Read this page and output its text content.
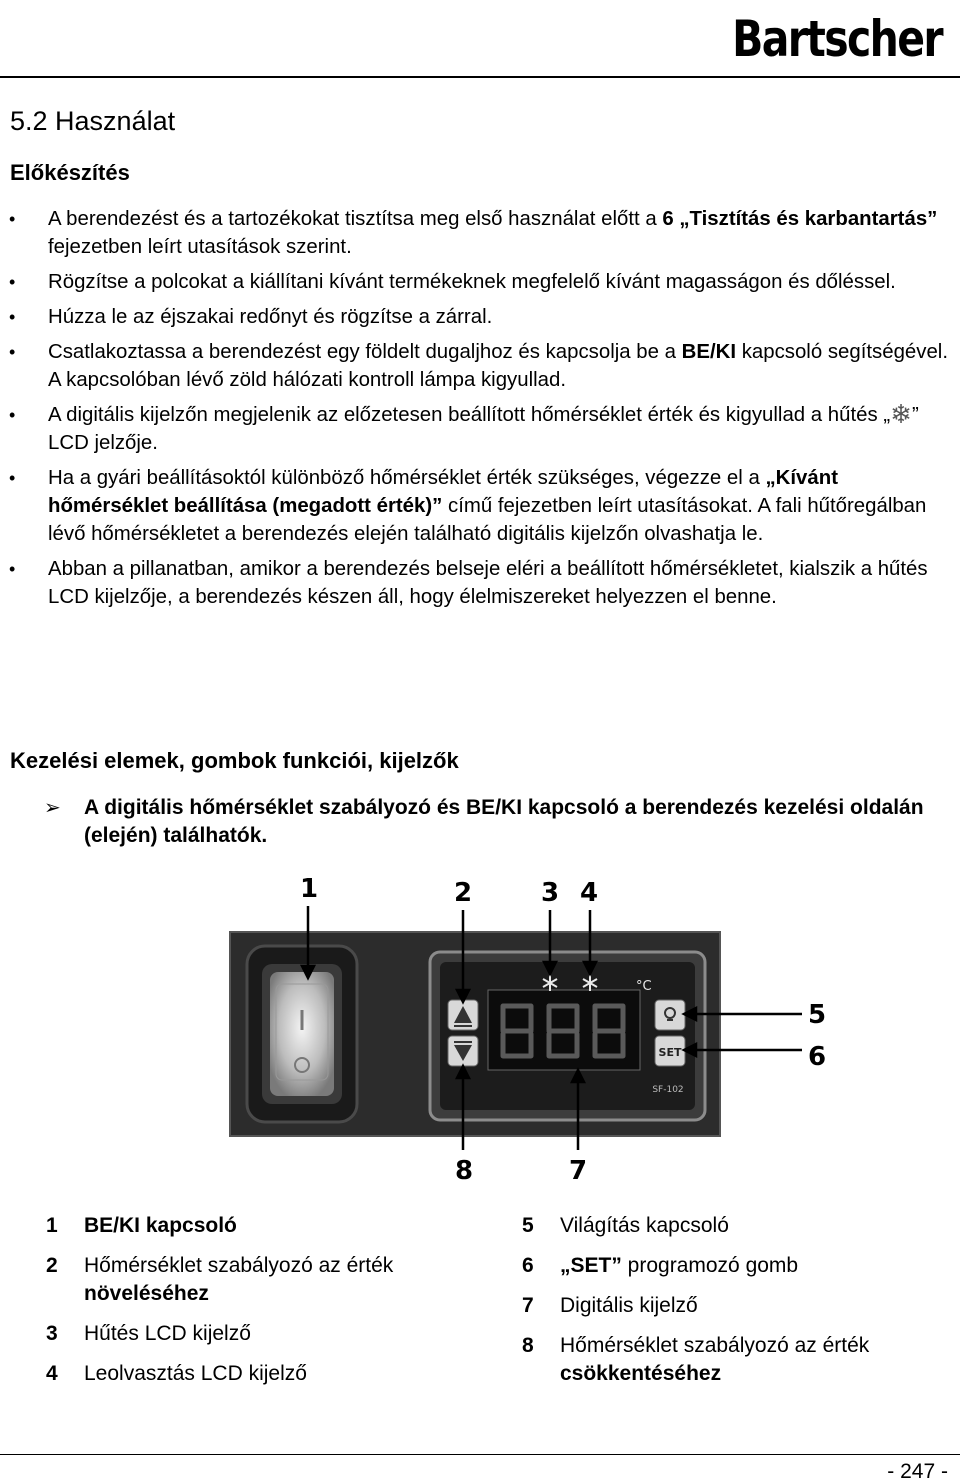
Bartscher
5.2 Használat
Előkészítés
• A berendezést és a tartozékokat tisztítsa meg első használat előtt a 6 „Tisztítás és karbantartás” fejezetben leírt utasítások szerint.
• Rögzítse a polcokat a kiállítani kívánt termékeknek megfelelő kívánt magasságon és dőléssel.
• Húzza le az éjszakai redőnyt és rögzítse a zárral.
• Csatlakoztassa a berendezést egy földelt dugaljhoz és kapcsolja be a BE/KI kapcsoló segítségével. A kapcsolóban lévő zöld hálózati kontroll lámpa kigyullad.
• A digitális kijelzőn megjelenik az előzetesen beállított hőmérséklet érték és kigyullad a hűtés „❄” LCD jelzője.
• Ha a gyári beállításoktól különböző hőmérséklet érték szükséges, végezze el a „Kívánt hőmérséklet beállítása (megadott érték)” című fejezetben leírt utasításokat. A fali hűtőregálban lévő hőmérsékletet a berendezés elején található digitális kijelzőn olvashatja le.
• Abban a pillanatban, amikor a berendezés belseje eléri a beállított hőmérsékletet, kialszik a hűtés LCD kijelzője, a berendezés készen áll, hogy élelmiszereket helyezzen el benne.
Kezelési elemek, gombok funkciói, kijelzők
➢ A digitális hőmérséklet szabályozó és BE/KI kapcsoló a berendezés kezelési oldalán (elején) találhatók.
1	2	3 4
5
6
7
8
°C
SET
SF-102
1 BE/KI kapcsoló
2 Hőmérséklet szabályozó az érték növeléséhez
3 Hűtés LCD kijelző
4 Leolvasztás LCD kijelző
5 Világítás kapcsoló
6 „SET” programozó gomb
7 Digitális kijelző
8 Hőmérséklet szabályozó az érték csökkentéséhez
- 247 -
